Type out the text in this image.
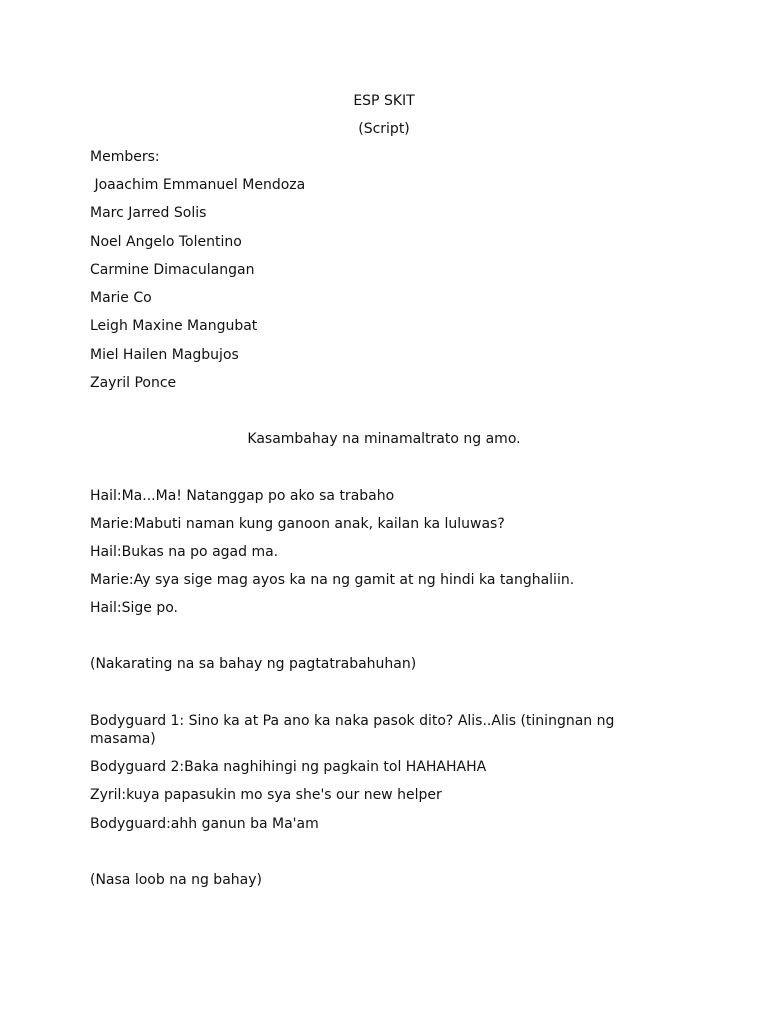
ESP SKIT
(Script)
Members:
Joaachim Emmanuel Mendoza
Marc Jarred Solis
Noel Angelo Tolentino
Carmine Dimaculangan
Marie Co
Leigh Maxine Mangubat
Miel Hailen Magbujos
Zayril Ponce
Kasambahay na minamaltrato ng amo.
Hail:Ma...Ma! Natanggap po ako sa trabaho
Marie:Mabuti naman kung ganoon anak, kailan ka luluwas?
Hail:Bukas na po agad ma.
Marie:Ay sya sige mag ayos ka na ng gamit at ng hindi ka tanghaliin.
Hail:Sige po.
(Nakarating na sa bahay ng pagtatrabahuhan)
Bodyguard 1: Sino ka at Pa ano ka naka pasok dito? Alis..Alis (tiningnan ng masama)
Bodyguard 2:Baka naghihingi ng pagkain tol HAHAHAHA
Zyril:kuya papasukin mo sya she's our new helper
Bodyguard:ahh ganun ba Ma'am
(Nasa loob na ng bahay)
